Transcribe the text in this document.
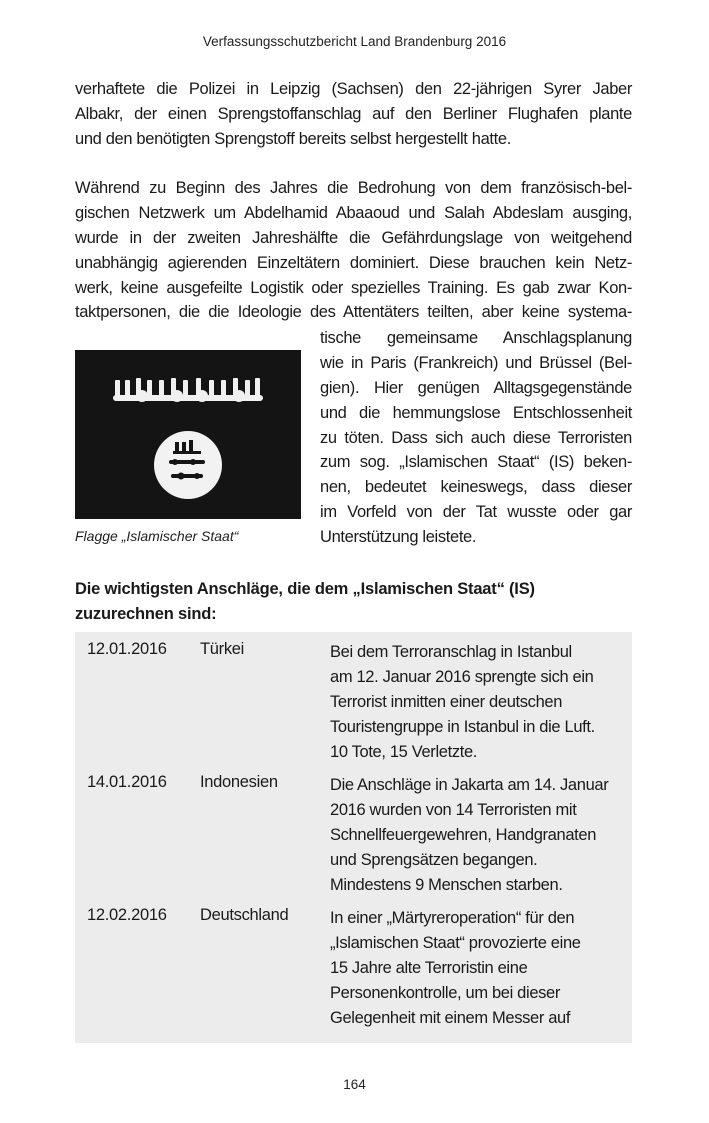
Verfassungsschutzbericht Land Brandenburg 2016
verhaftete die Polizei in Leipzig (Sachsen) den 22-jährigen Syrer Jaber
Albakr, der einen Sprengstoffanschlag auf den Berliner Flughafen plante
und den benötigten Sprengstoff bereits selbst hergestellt hatte.
Während zu Beginn des Jahres die Bedrohung von dem französisch-bel-
gischen Netzwerk um Abdelhamid Abaaoud und Salah Abdeslam ausging,
wurde in der zweiten Jahreshälfte die Gefährdungslage von weitgehend
unabhängig agierenden Einzeltätern dominiert. Diese brauchen kein Netz-
werk, keine ausgefeilte Logistik oder spezielles Training. Es gab zwar Kon-
taktpersonen, die die Ideologie des Attentäters teilten, aber keine systema-
tische gemeinsame Anschlagsplanung
wie in Paris (Frankreich) und Brüssel (Bel-
gien). Hier genügen Alltagsgegenstände
und die hemmungslose Entschlossenheit
zu töten. Dass sich auch diese Terroristen
zum sog. „Islamischen Staat“ (IS) beken-
nen, bedeutet keineswegs, dass dieser
im Vorfeld von der Tat wusste oder gar
Unterstützung leistete.
Flagge „Islamischer Staat“
Die wichtigsten Anschläge, die dem „Islamischen Staat“ (IS)
zuzurechnen sind:
12.01.2016 Türkei	Bei dem Terroranschlag in Istanbul
am 12. Januar 2016 sprengte sich ein
Terrorist inmitten einer deutschen
Touristengruppe in Istanbul in die Luft.
10 Tote, 15 Verletzte.
14.01.2016 Indonesien	Die Anschläge in Jakarta am 14. Januar
2016 wurden von 14 Terroristen mit
Schnellfeuergewehren, Handgranaten
und Sprengsätzen begangen.
Mindestens 9 Menschen starben.
12.02.2016 Deutschland	In einer „Märtyreroperation“ für den
„Islamischen Staat“ provozierte eine
15 Jahre alte Terroristin eine
Personenkontrolle, um bei dieser
Gelegenheit mit einem Messer auf
164
